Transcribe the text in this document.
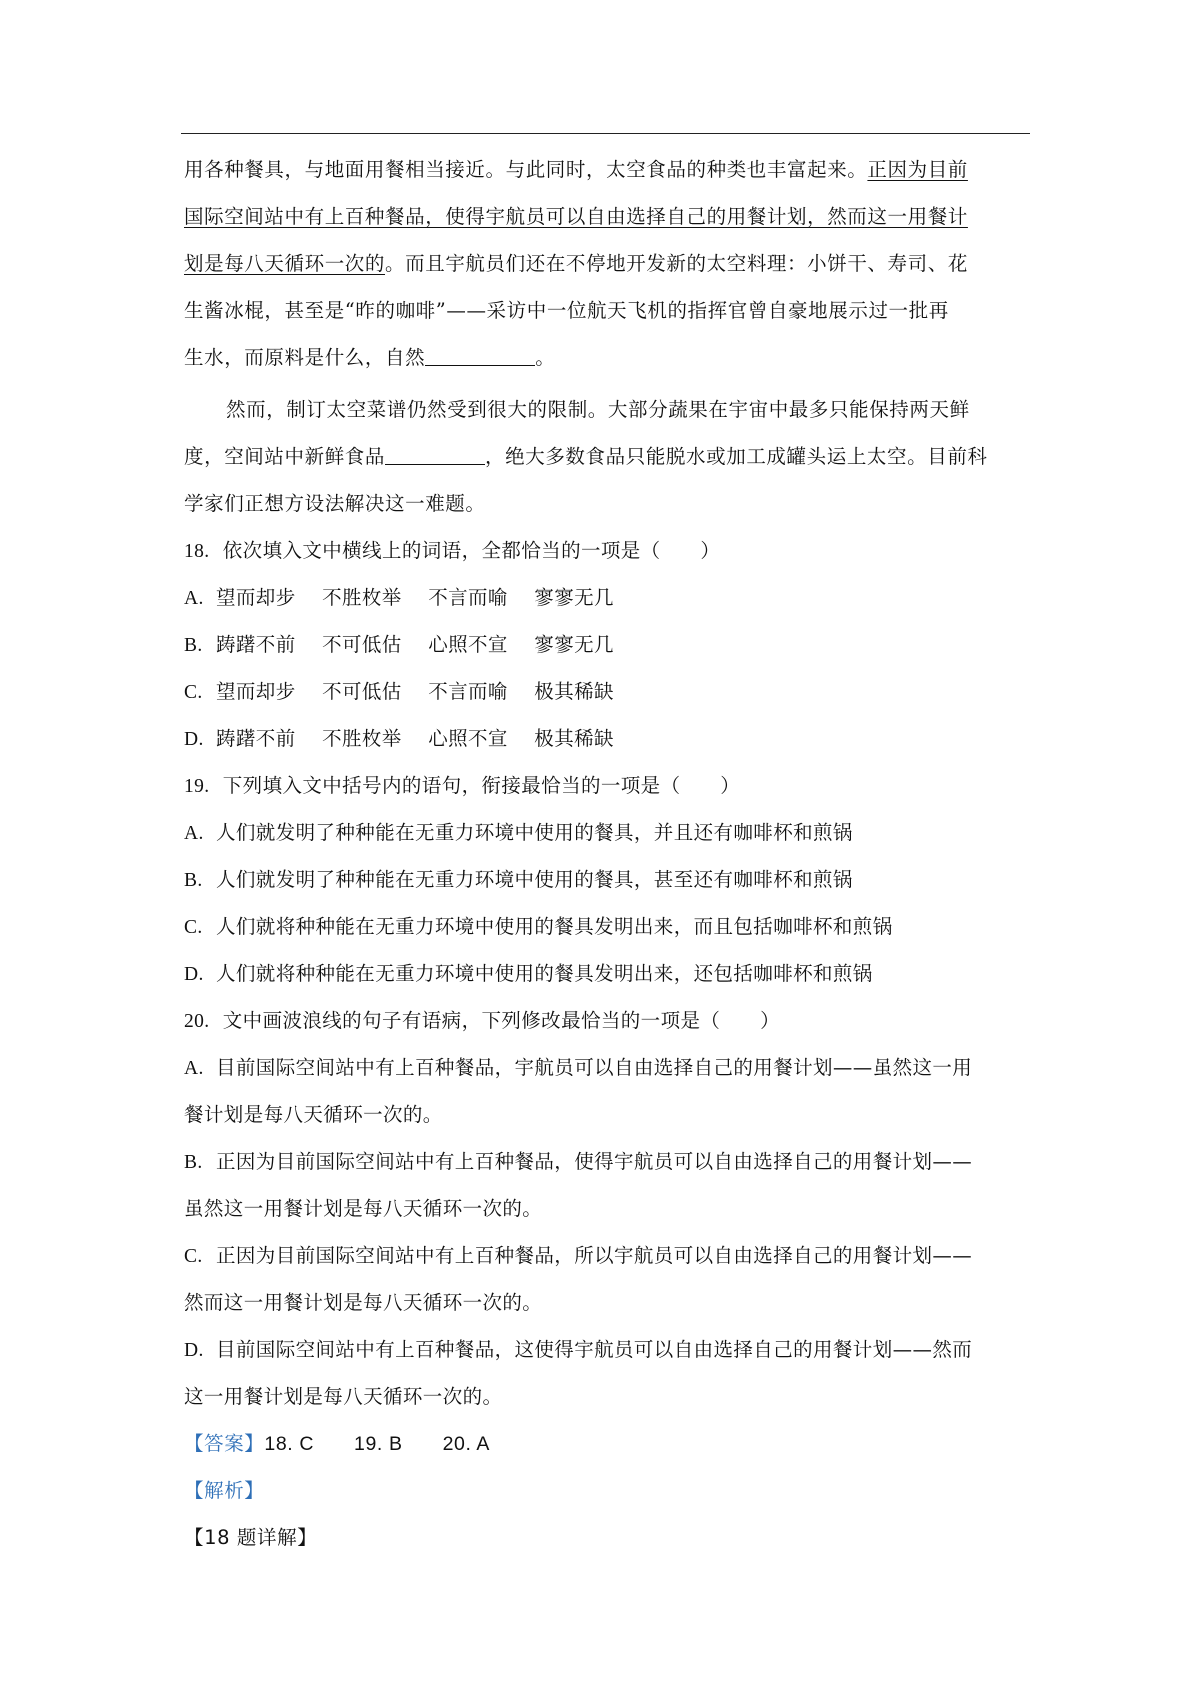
用各种餐具，与地面用餐相当接近。与此同时，太空食品的种类也丰富起来。正因为目前
国际空间站中有上百种餐品，使得宇航员可以自由选择自己的用餐计划，然而这一用餐计
划是每八天循环一次的。而且宇航员们还在不停地开发新的太空料理：小饼干、寿司、花
生酱冰棍，甚至是“昨的咖啡”——采访中一位航天飞机的指挥官曾自豪地展示过一批再
生水，而原料是什么，自然	。
然而，制订太空菜谱仍然受到很大的限制。大部分蔬果在宇宙中最多只能保持两天鲜
度，空间站中新鲜食品	，绝大多数食品只能脱水或加工成罐头运上太空。目前科
学家们正想方设法解决这一难题。
18. 依次填入文中横线上的词语，全都恰当的一项是（　　）
A. 望而却步　 不胜枚举　 不言而喻　 寥寥无几
B. 踌躇不前　 不可低估　 心照不宣　 寥寥无几
C. 望而却步　 不可低估　 不言而喻　 极其稀缺
D. 踌躇不前　 不胜枚举　 心照不宣　 极其稀缺
19. 下列填入文中括号内的语句，衔接最恰当的一项是（　　）
A. 人们就发明了种种能在无重力环境中使用的餐具，并且还有咖啡杯和煎锅
B. 人们就发明了种种能在无重力环境中使用的餐具，甚至还有咖啡杯和煎锅
C. 人们就将种种能在无重力环境中使用的餐具发明出来，而且包括咖啡杯和煎锅
D. 人们就将种种能在无重力环境中使用的餐具发明出来，还包括咖啡杯和煎锅
20. 文中画波浪线的句子有语病，下列修改最恰当的一项是（　　）
A. 目前国际空间站中有上百种餐品，宇航员可以自由选择自己的用餐计划——虽然这一用
餐计划是每八天循环一次的。
B. 正因为目前国际空间站中有上百种餐品，使得宇航员可以自由选择自己的用餐计划——
虽然这一用餐计划是每八天循环一次的。
C. 正因为目前国际空间站中有上百种餐品，所以宇航员可以自由选择自己的用餐计划——
然而这一用餐计划是每八天循环一次的。
D. 目前国际空间站中有上百种餐品，这使得宇航员可以自由选择自己的用餐计划——然而
这一用餐计划是每八天循环一次的。
【答案】18. C 19. B 20. A
【解析】
【18 题详解】
